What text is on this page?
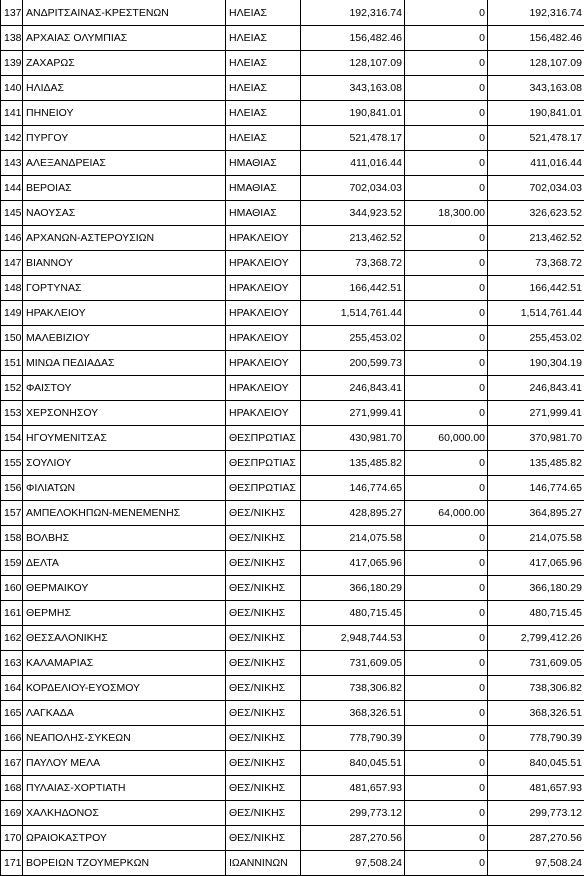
137	ΑΝΔΡΙΤΣΑΙΝΑΣ-ΚΡΕΣΤΕΝΩΝ	ΗΛΕΙΑΣ	192,316.74	0	192,316.74
138	ΑΡΧΑΙΑΣ ΟΛΥΜΠΙΑΣ	ΗΛΕΙΑΣ	156,482.46	0	156,482.46
139	ΖΑΧΑΡΩΣ	ΗΛΕΙΑΣ	128,107.09	0	128,107.09
140	ΗΛΙΔΑΣ	ΗΛΕΙΑΣ	343,163.08	0	343,163.08
141	ΠΗΝΕΙΟΥ	ΗΛΕΙΑΣ	190,841.01	0	190,841.01
142	ΠΥΡΓΟΥ	ΗΛΕΙΑΣ	521,478.17	0	521,478.17
143	ΑΛΕΞΑΝΔΡΕΙΑΣ	ΗΜΑΘΙΑΣ	411,016.44	0	411,016.44
144	ΒΕΡΟΙΑΣ	ΗΜΑΘΙΑΣ	702,034.03	0	702,034.03
145	ΝΑΟΥΣΑΣ	ΗΜΑΘΙΑΣ	344,923.52	18,300.00	326,623.52
146	ΑΡΧΑΝΩΝ-ΑΣΤΕΡΟΥΣΙΩΝ	ΗΡΑΚΛΕΙΟΥ	213,462.52	0	213,462.52
147	ΒΙΑΝΝΟΥ	ΗΡΑΚΛΕΙΟΥ	73,368.72	0	73,368.72
148	ΓΟΡΤΥΝΑΣ	ΗΡΑΚΛΕΙΟΥ	166,442.51	0	166,442.51
149	ΗΡΑΚΛΕΙΟΥ	ΗΡΑΚΛΕΙΟΥ	1,514,761.44	0	1,514,761.44
150	ΜΑΛΕΒΙΖΙΟΥ	ΗΡΑΚΛΕΙΟΥ	255,453.02	0	255,453.02
151	ΜΙΝΩΑ ΠΕΔΙΑΔΑΣ	ΗΡΑΚΛΕΙΟΥ	200,599.73	0	190,304.19
152	ΦΑΙΣΤΟΥ	ΗΡΑΚΛΕΙΟΥ	246,843.41	0	246,843.41
153	ΧΕΡΣΟΝΗΣΟΥ	ΗΡΑΚΛΕΙΟΥ	271,999.41	0	271,999.41
154	ΗΓΟΥΜΕΝΙΤΣΑΣ	ΘΕΣΠΡΩΤΙΑΣ	430,981.70	60,000.00	370,981.70
155	ΣΟΥΛΙΟΥ	ΘΕΣΠΡΩΤΙΑΣ	135,485.82	0	135,485.82
156	ΦΙΛΙΑΤΩΝ	ΘΕΣΠΡΩΤΙΑΣ	146,774.65	0	146,774.65
157	ΑΜΠΕΛΟΚΗΠΩΝ-ΜΕΝΕΜΕΝΗΣ	ΘΕΣ/ΝΙΚΗΣ	428,895.27	64,000.00	364,895.27
158	ΒΟΛΒΗΣ	ΘΕΣ/ΝΙΚΗΣ	214,075.58	0	214,075.58
159	ΔΕΛΤΑ	ΘΕΣ/ΝΙΚΗΣ	417,065.96	0	417,065.96
160	ΘΕΡΜΑΙΚΟΥ	ΘΕΣ/ΝΙΚΗΣ	366,180.29	0	366,180.29
161	ΘΕΡΜΗΣ	ΘΕΣ/ΝΙΚΗΣ	480,715.45	0	480,715.45
162	ΘΕΣΣΑΛΟΝΙΚΗΣ	ΘΕΣ/ΝΙΚΗΣ	2,948,744.53	0	2,799,412.26
163	ΚΑΛΑΜΑΡΙΑΣ	ΘΕΣ/ΝΙΚΗΣ	731,609.05	0	731,609.05
164	ΚΟΡΔΕΛΙΟΥ-ΕΥΟΣΜΟΥ	ΘΕΣ/ΝΙΚΗΣ	738,306.82	0	738,306.82
165	ΛΑΓΚΑΔΑ	ΘΕΣ/ΝΙΚΗΣ	368,326.51	0	368,326.51
166	ΝΕΑΠΟΛΗΣ-ΣΥΚΕΩΝ	ΘΕΣ/ΝΙΚΗΣ	778,790.39	0	778,790.39
167	ΠΑΥΛΟΥ ΜΕΛΑ	ΘΕΣ/ΝΙΚΗΣ	840,045.51	0	840,045.51
168	ΠΥΛΑΙΑΣ-ΧΟΡΤΙΑΤΗ	ΘΕΣ/ΝΙΚΗΣ	481,657.93	0	481,657.93
169	ΧΑΛΚΗΔΟΝΟΣ	ΘΕΣ/ΝΙΚΗΣ	299,773.12	0	299,773.12
170	ΩΡΑΙΟΚΑΣΤΡΟΥ	ΘΕΣ/ΝΙΚΗΣ	287,270.56	0	287,270.56
171	ΒΟΡΕΙΩΝ ΤΖΟΥΜΕΡΚΩΝ	ΙΩΑΝΝΙΝΩΝ	97,508.24	0	97,508.24
